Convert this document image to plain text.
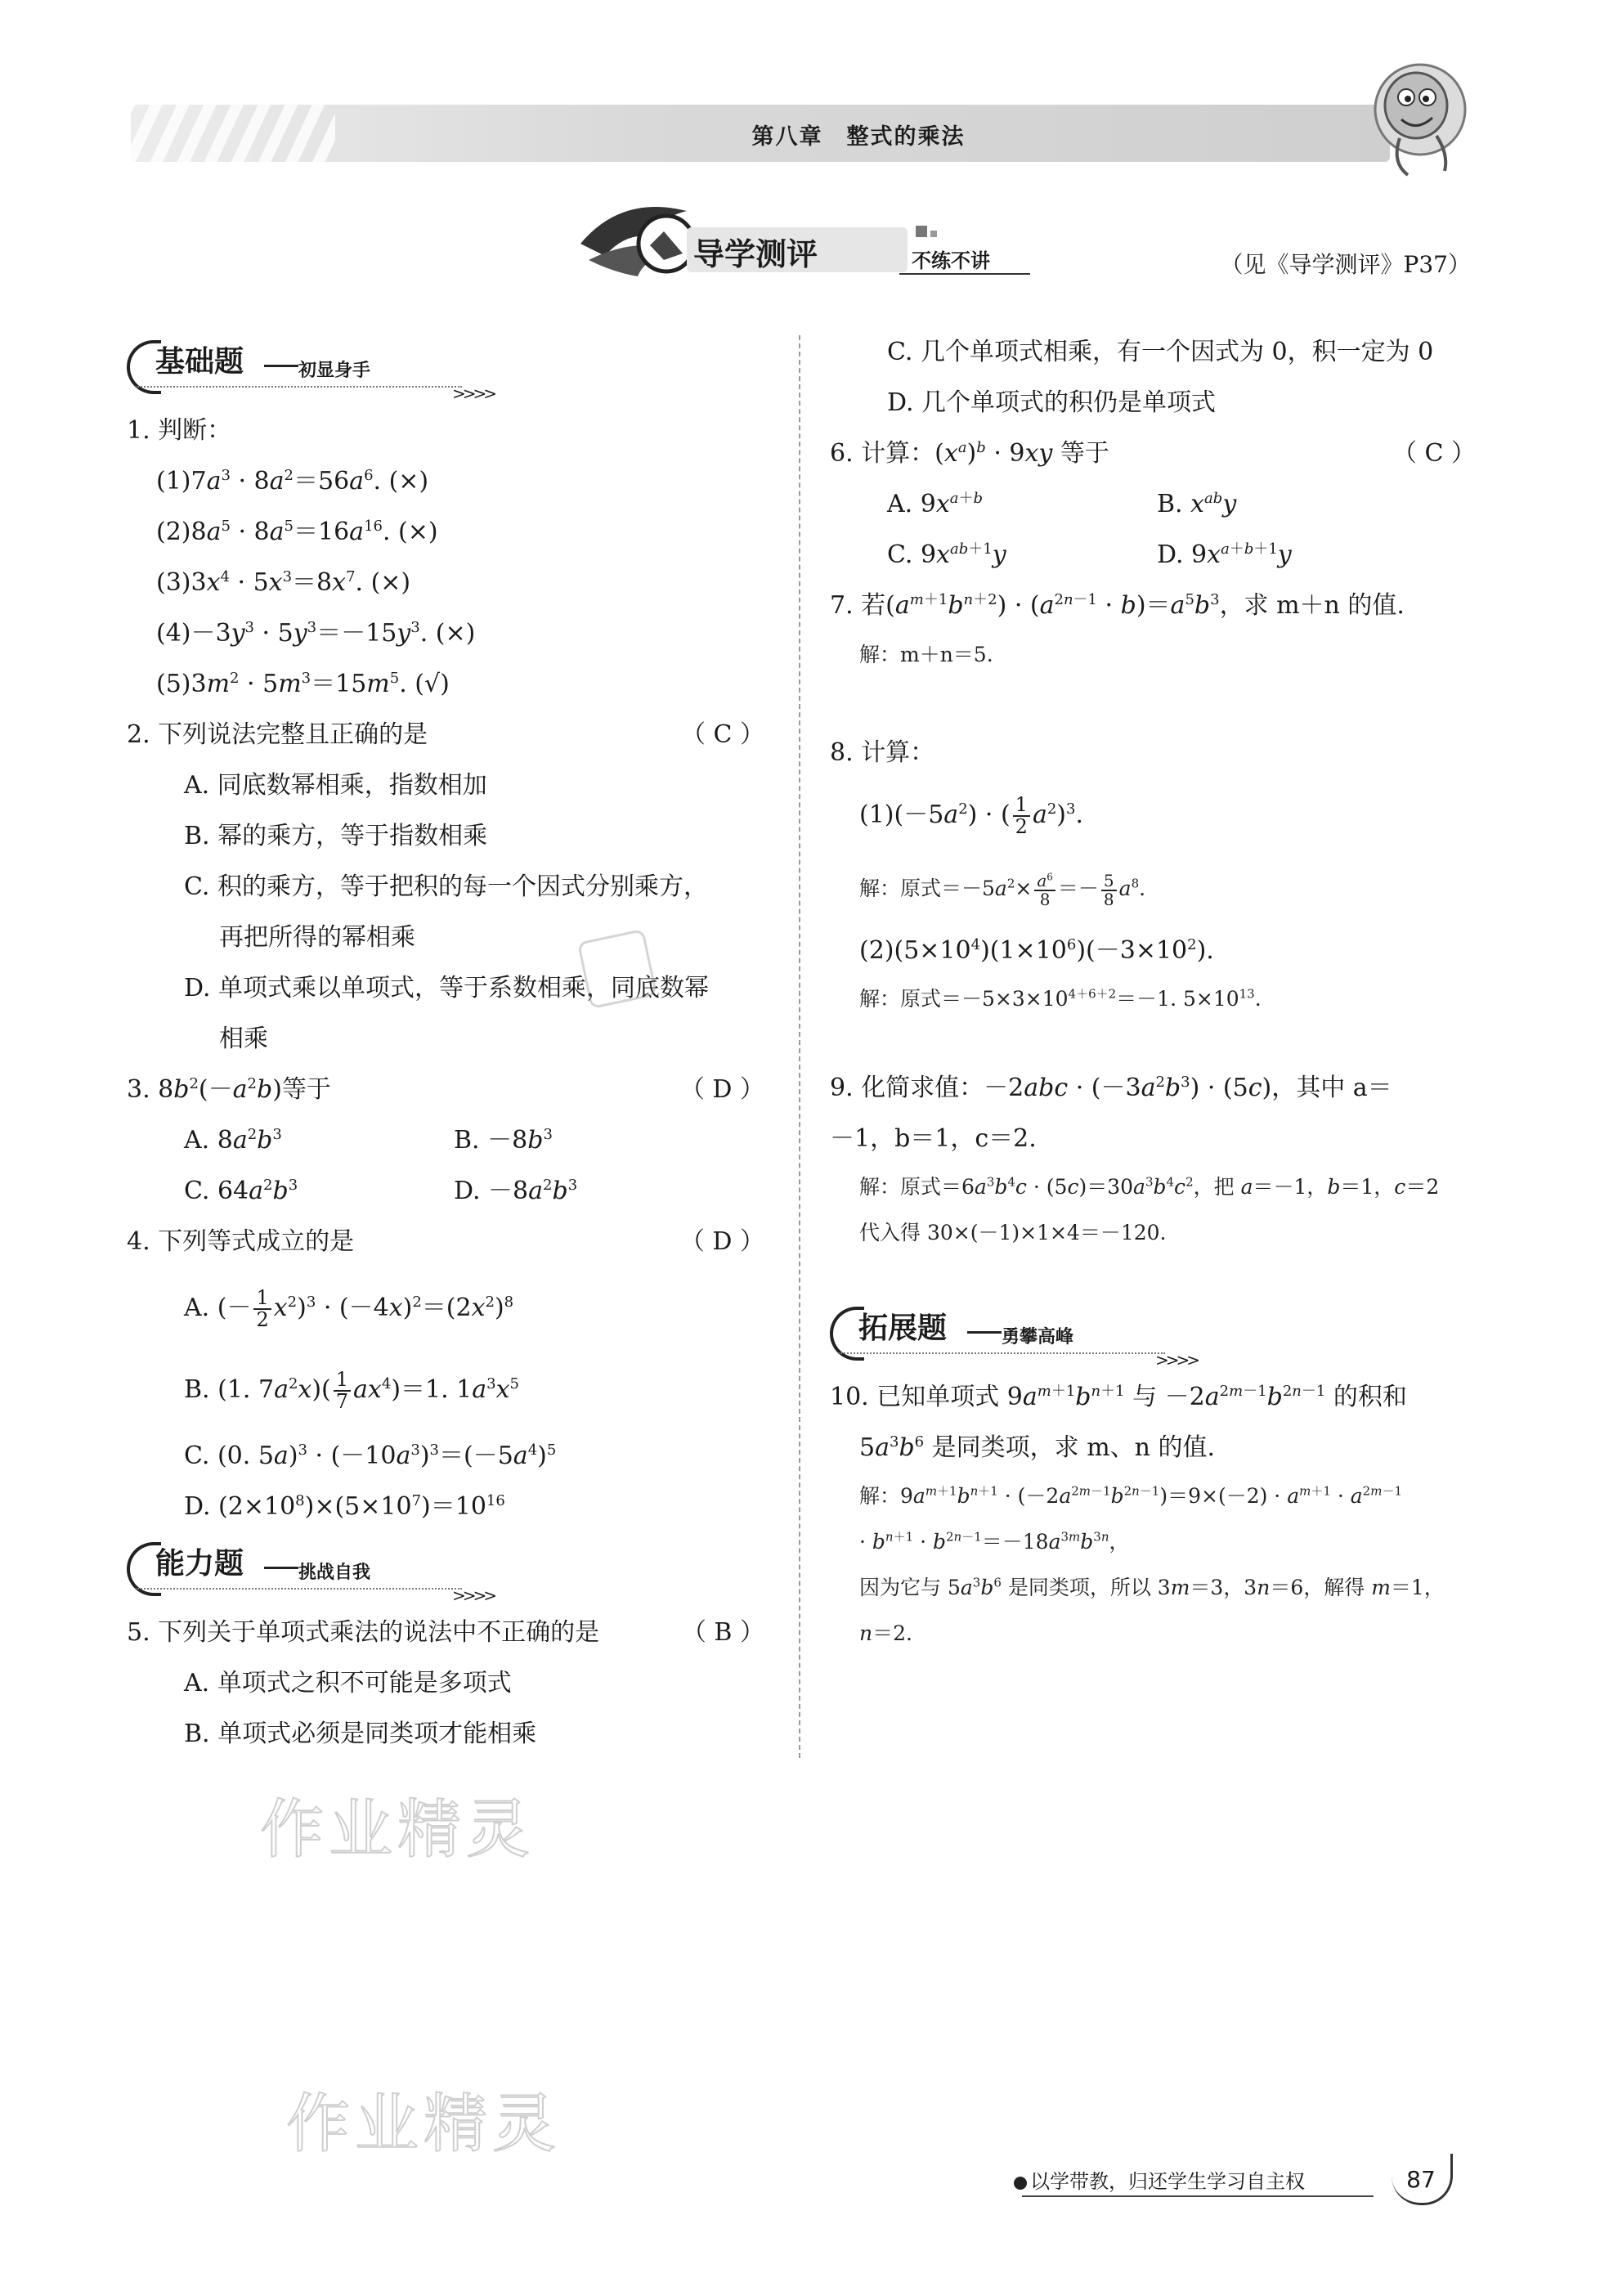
第八章　整式的乘法
导学测评	不练不讲	（见《导学测评》P37）
基础题	初显身手
>>>>
1. 判断：
$(1)7a^3 \cdot 8a^2=56a^6$. (×)
$(2)8a^5 \cdot 8a^5=16a^{16}$. (×)
$(3)3x^4 \cdot 5x^3=8x^7$. (×)
$(4)-3y^3 \cdot 5y^3=-15y^3$. (×)
$(5)3m^2 \cdot 5m^3=15m^5$. (√)
2. 下列说法完整且正确的是	（ C ）
A. 同底数幂相乘，指数相加
B. 幂的乘方，等于指数相乘
C. 积的乘方，等于把积的每一个因式分别乘方，
再把所得的幂相乘
D. 单项式乘以单项式，等于系数相乘，同底数幂
相乘
3. $8b^2(-a^2b)$等于	（ D ）
A. $8a^2b^3$	B. $-8b^3$
C. $64a^2b^3$	D. $-8a^2b^3$
4. 下列等式成立的是	（ D ）
A. (－ $\frac{1}{2} x^2)^3 \cdot (-4x)^2=(2x^2)^8$
B. (1. $7a^2x)( \frac{1}{7} ax^4)=1$. $1a^3x^5$
C. (0. $5a)^3 \cdot (-10a^3)^3=(-5a^4)^5$
D. $(2\times 10^8)\times(5\times 10^7)=10^{16}$
能力题	挑战自我
>>>>
5. 下列关于单项式乘法的说法中不正确的是	（ B ）
A. 单项式之积不可能是多项式
B. 单项式必须是同类项才能相乘
C. 几个单项式相乘，有一个因式为 0，积一定为 0
D. 几个单项式的积仍是单项式
6. 计算：$(x^a)^b \cdot 9xy$ 等于	（ C ）
A. $9x^{a+b}$	B. $x^{ab}y$
C. $9x^{ab+1}y$	D. $9x^{a+b+1}y$
7. 若$(a^{m+1}b^{n+2}) \cdot (a^{2n-1} \cdot b)=a^5b^3$，求 m＋n 的值.
解：m＋n＝5.
8. 计算：
$(1)(-5a^2)$ · ( $\frac{1}{2} a^2)^3$.
解：原式$=-5a^2\times \frac{a^6}{8} =- \frac{5}{8} a^8$.
$(2)(5\times 10^4)(1\times 10^6)(-3\times 10^2)$.
解：原式$=-5\times 3\times 10^{4+6+2}=-1$. $5\times 10^{13}$.
9. 化简求值：$-2abc \cdot (-3a^2b^3) \cdot (5c)$，其中 a＝
－1，b＝1，c＝2.
解：原式$=6a^3b^4c \cdot (5c)=30a^3b^4c^2$，把 a＝－1，b＝1，c＝2
代入得 30×(－1)×1×4＝－120.
拓展题	勇攀高峰
>>>>
10. 已知单项式 $9a^{m+1}b^{n+1}$ 与 $-2a^{2m-1}b^{2n-1}$ 的积和
$5a^3b^6$ 是同类项，求 m、n 的值.
解：$9a^{m+1}b^{n+1} \cdot (-2a^{2m-1}b^{2n-1})=9\times(-2) \cdot a^{m+1} \cdot a^{2m-1}$
· $b^{n+1} \cdot b^{2n-1}=-18a^{3m}b^{3n}$，
因为它与 $5a^3b^6$ 是同类项，所以 3m＝3，3n＝6，解得 m＝1，
n＝2.
作业精灵
作业精灵
以学带教，归还学生学习自主权	87
